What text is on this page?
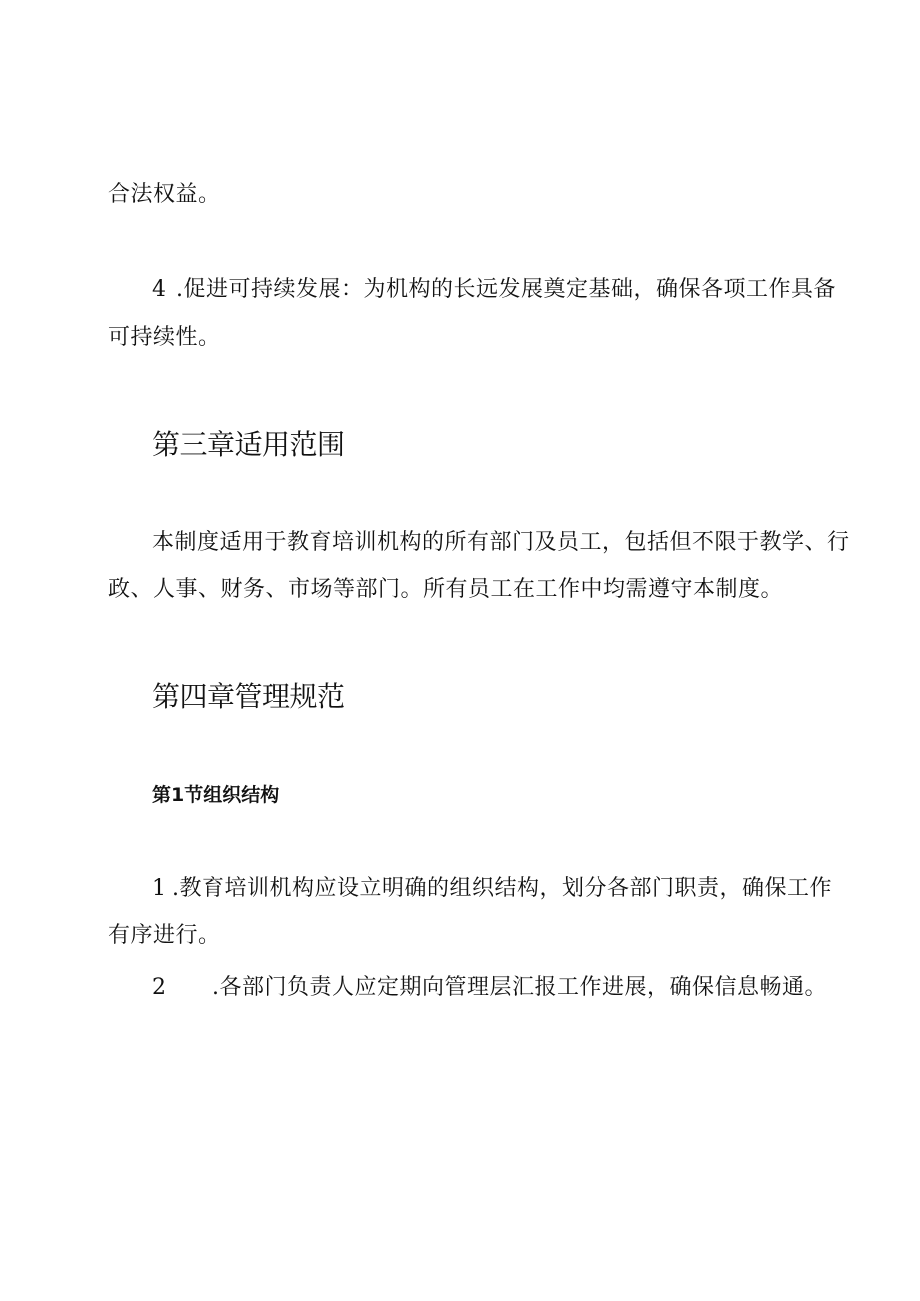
合法权益。
4 .促进可持续发展：为机构的长远发展奠定基础，确保各项工作具备
可持续性。
第三章适用范围
本制度适用于教育培训机构的所有部门及员工，包括但不限于教学、行
政、人事、财务、市场等部门。所有员工在工作中均需遵守本制度。
第四章管理规范
第1节组织结构
1 .教育培训机构应设立明确的组织结构，划分各部门职责，确保工作
有序进行。
2 .各部门负责人应定期向管理层汇报工作进展，确保信息畅通。
